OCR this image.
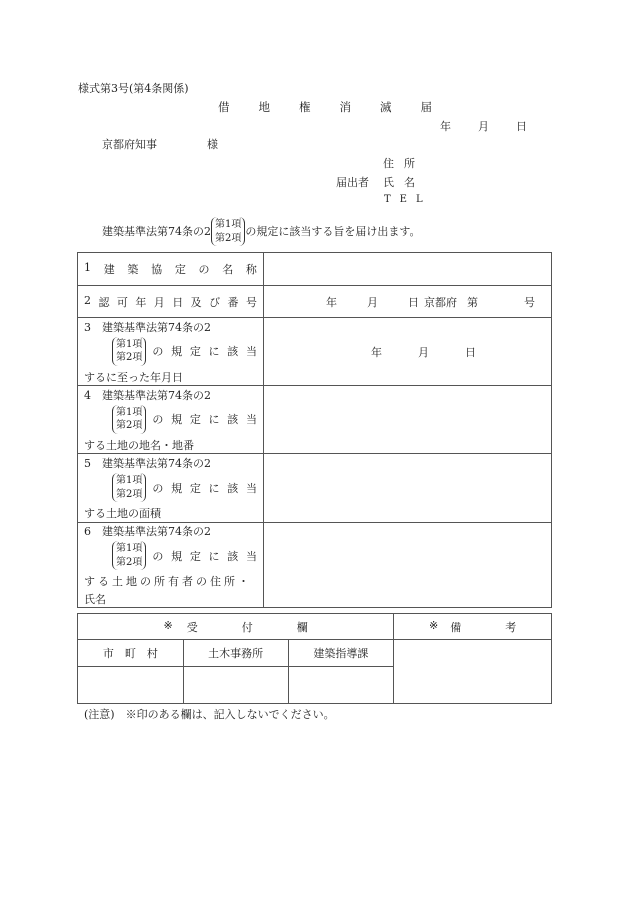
様式第3号(第4条関係)
借	地	権	消	滅	届
年 月 日
京都府知事	様
住 所
届出者 氏 名
T E L
建築基準法第74条の2
第1項
第2項 の規定に該当する旨を届け出ます。
1 建 築 協 定 の 名 称

2 認 可 年 月 日 及 び 番 号	年	月	日 京都府 第	号

3　 建築基準法第74条の2
第1項
第2項 の 規 定 に 該 当
するに至った年月日

年	月	日

4　 建築基準法第74条の2
第1項
第2項 の 規 定 に 該 当
する土地の地名・地番

5　 建築基準法第74条の2
第1項
第2項 の 規 定 に 該 当
する土地の面積

6　 建築基準法第74条の2
第1項
第2項 の 規 定 に 該 当
する土地の所有者の住所・
氏名

※ 受 付 欄			※ 備 考

市　町　村	土木事務所	建築指導課	

(注意)　※印のある欄は、記入しないでください。
